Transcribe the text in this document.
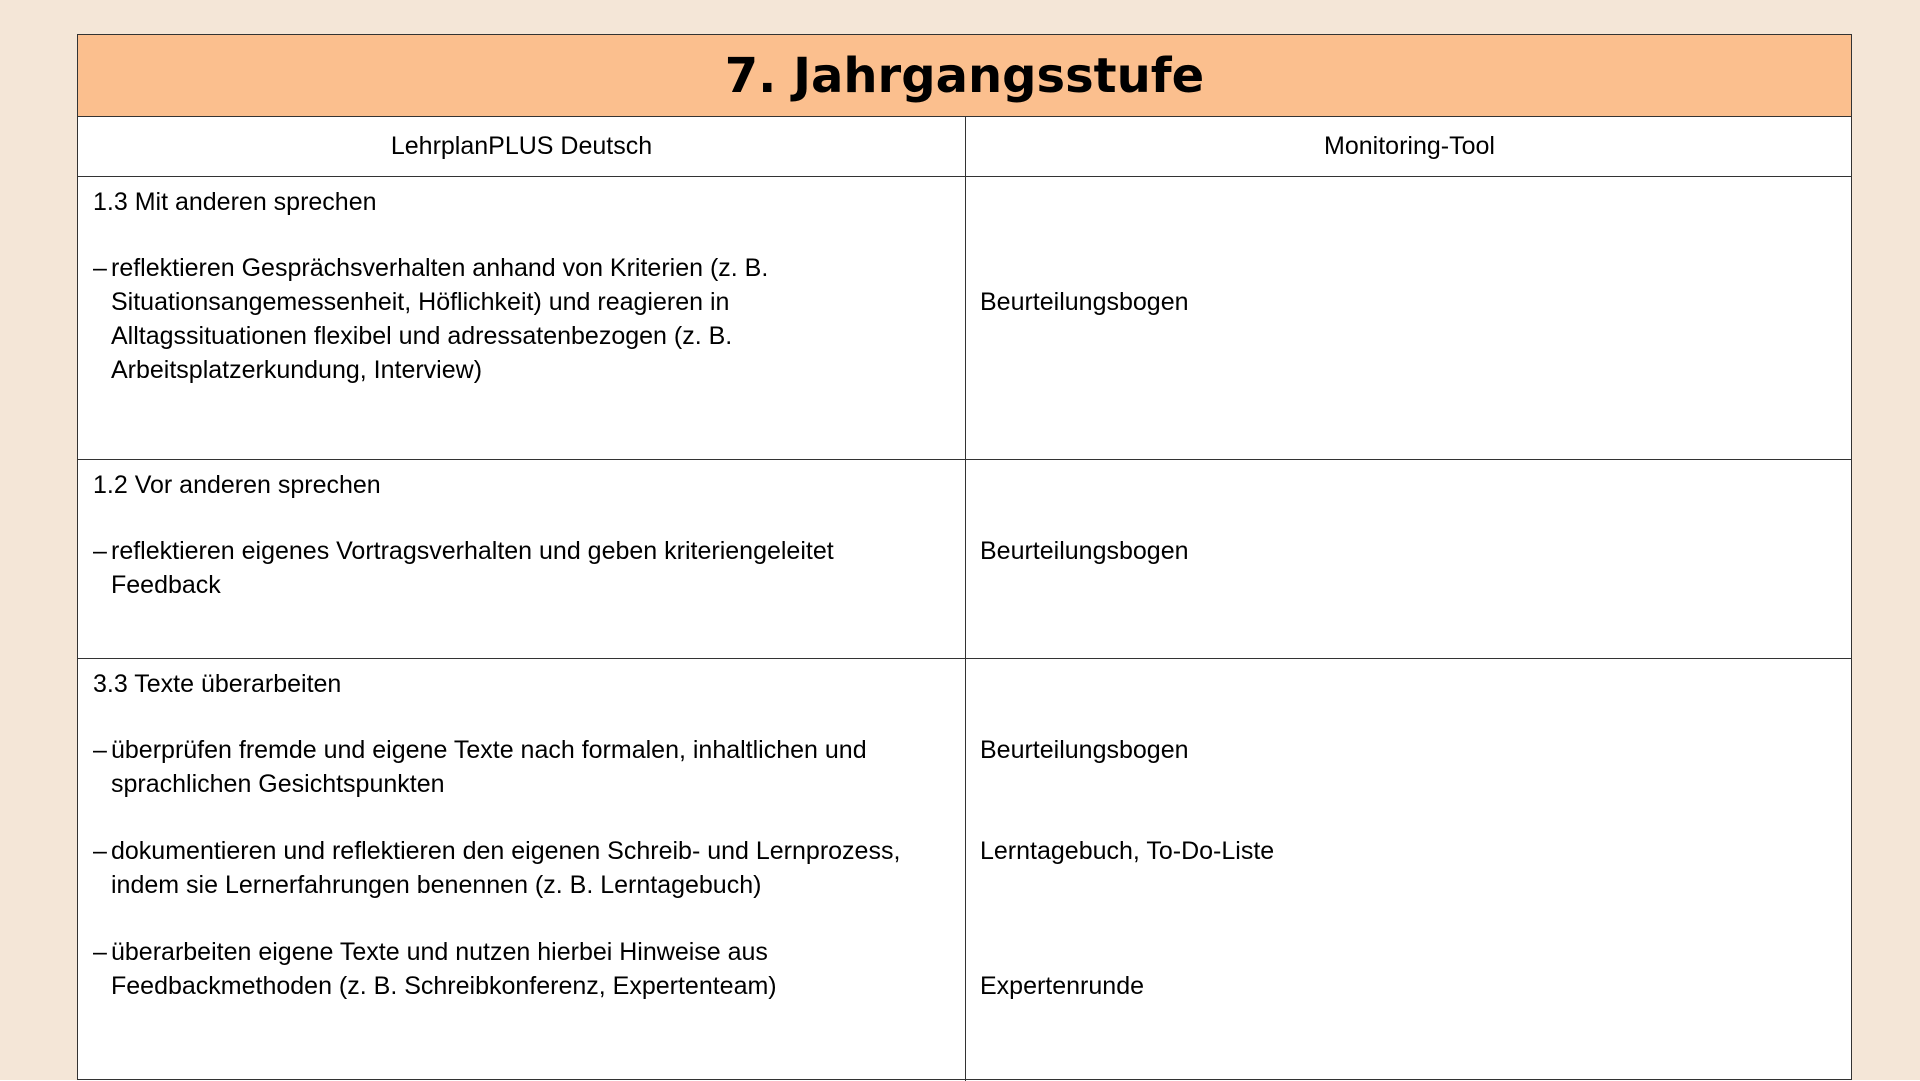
7. Jahrgangsstufe
LehrplanPLUS Deutsch	Monitoring-Tool
1.3 Mit anderen sprechen
– reflektieren Gesprächsverhalten anhand von Kriterien (z. B. Situationsangemessenheit, Höflichkeit) und reagieren in Alltagssituationen flexibel und adressatenbezogen (z. B. Arbeitsplatzerkundung, Interview)
Beurteilungsbogen
1.2 Vor anderen sprechen
– reflektieren eigenes Vortragsverhalten und geben kriteriengeleitet Feedback
Beurteilungsbogen
3.3 Texte überarbeiten
– überprüfen fremde und eigene Texte nach formalen, inhaltlichen und sprachlichen Gesichtspunkten
– dokumentieren und reflektieren den eigenen Schreib- und Lernprozess, indem sie Lernerfahrungen benennen (z. B. Lerntagebuch)
– überarbeiten eigene Texte und nutzen hierbei Hinweise aus Feedbackmethoden (z. B. Schreibkonferenz, Expertenteam)
Beurteilungsbogen
Lerntagebuch, To-Do-Liste
Expertenrunde
